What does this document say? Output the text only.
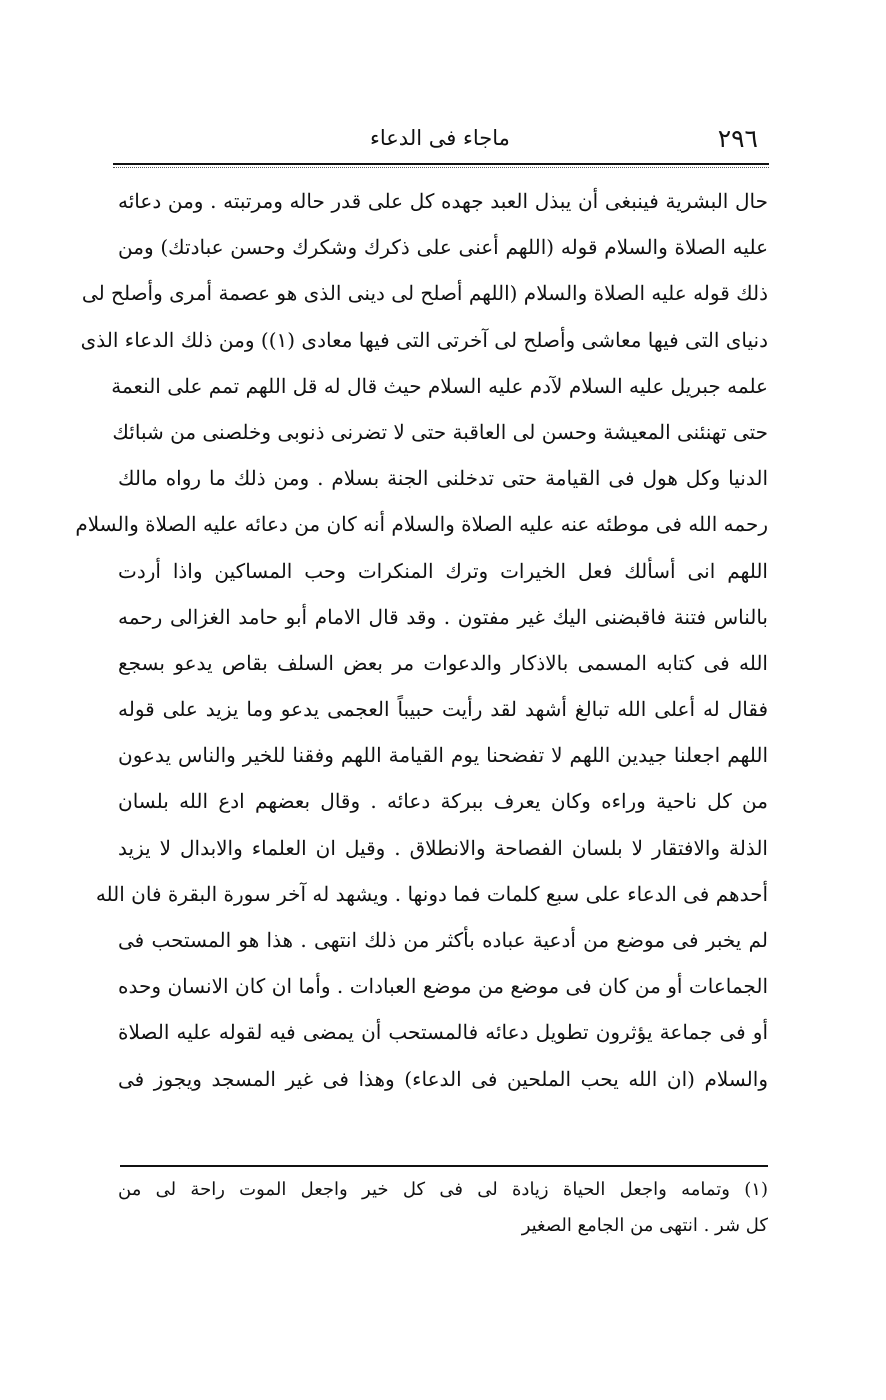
٢٩٦
ماجاء فى الدعاء
حال البشرية فينبغى أن يبذل العبد جهده كل على قدر حاله ومرتبته . ومن دعائه
عليه الصلاة والسلام قوله (اللهم أعنى على ذكرك وشكرك وحسن عبادتك) ومن
ذلك قوله عليه الصلاة والسلام (اللهم أصلح لى دينى الذى هو عصمة أمرى وأصلح لى
دنياى التى فيها معاشى وأصلح لى آخرتى التى فيها معادى (١)) ومن ذلك الدعاء الذى
علمه جبريل عليه السلام لآدم عليه السلام حيث قال له قل اللهم تمم على النعمة
حتى تهنئنى المعيشة وحسن لى العاقبة حتى لا تضرنى ذنوبى وخلصنى من شبائك
الدنيا وكل هول فى القيامة حتى تدخلنى الجنة بسلام . ومن ذلك ما رواه مالك
رحمه الله فى موطئه عنه عليه الصلاة والسلام أنه كان من دعائه عليه الصلاة والسلام
اللهم انى أسألك فعل الخيرات وترك المنكرات وحب المساكين واذا أردت
بالناس فتنة فاقبضنى اليك غير مفتون . وقد قال الامام أبو حامد الغزالى رحمه
الله فى كتابه المسمى بالاذكار والدعوات مر بعض السلف بقاص يدعو بسجع
فقال له أعلى الله تبالغ أشهد لقد رأيت حبيباً العجمى يدعو وما يزيد على قوله
اللهم اجعلنا جيدين اللهم لا تفضحنا يوم القيامة اللهم وفقنا للخير والناس يدعون
من كل ناحية وراءه وكان يعرف ببركة دعائه . وقال بعضهم ادع الله بلسان
الذلة والافتقار لا بلسان الفصاحة والانطلاق . وقيل ان العلماء والابدال لا يزيد
أحدهم فى الدعاء على سبع كلمات فما دونها . ويشهد له آخر سورة البقرة فان الله
لم يخبر فى موضع من أدعية عباده بأكثر من ذلك انتهى . هذا هو المستحب فى
الجماعات أو من كان فى موضع من موضع العبادات . وأما ان كان الانسان وحده
أو فى جماعة يؤثرون تطويل دعائه فالمستحب أن يمضى فيه لقوله عليه الصلاة
والسلام (ان الله يحب الملحين فى الدعاء) وهذا فى غير المسجد ويجوز فى
(١) وتمامه واجعل الحياة زيادة لى فى كل خير واجعل الموت راحة لى من
كل شر . انتهى من الجامع الصغير
